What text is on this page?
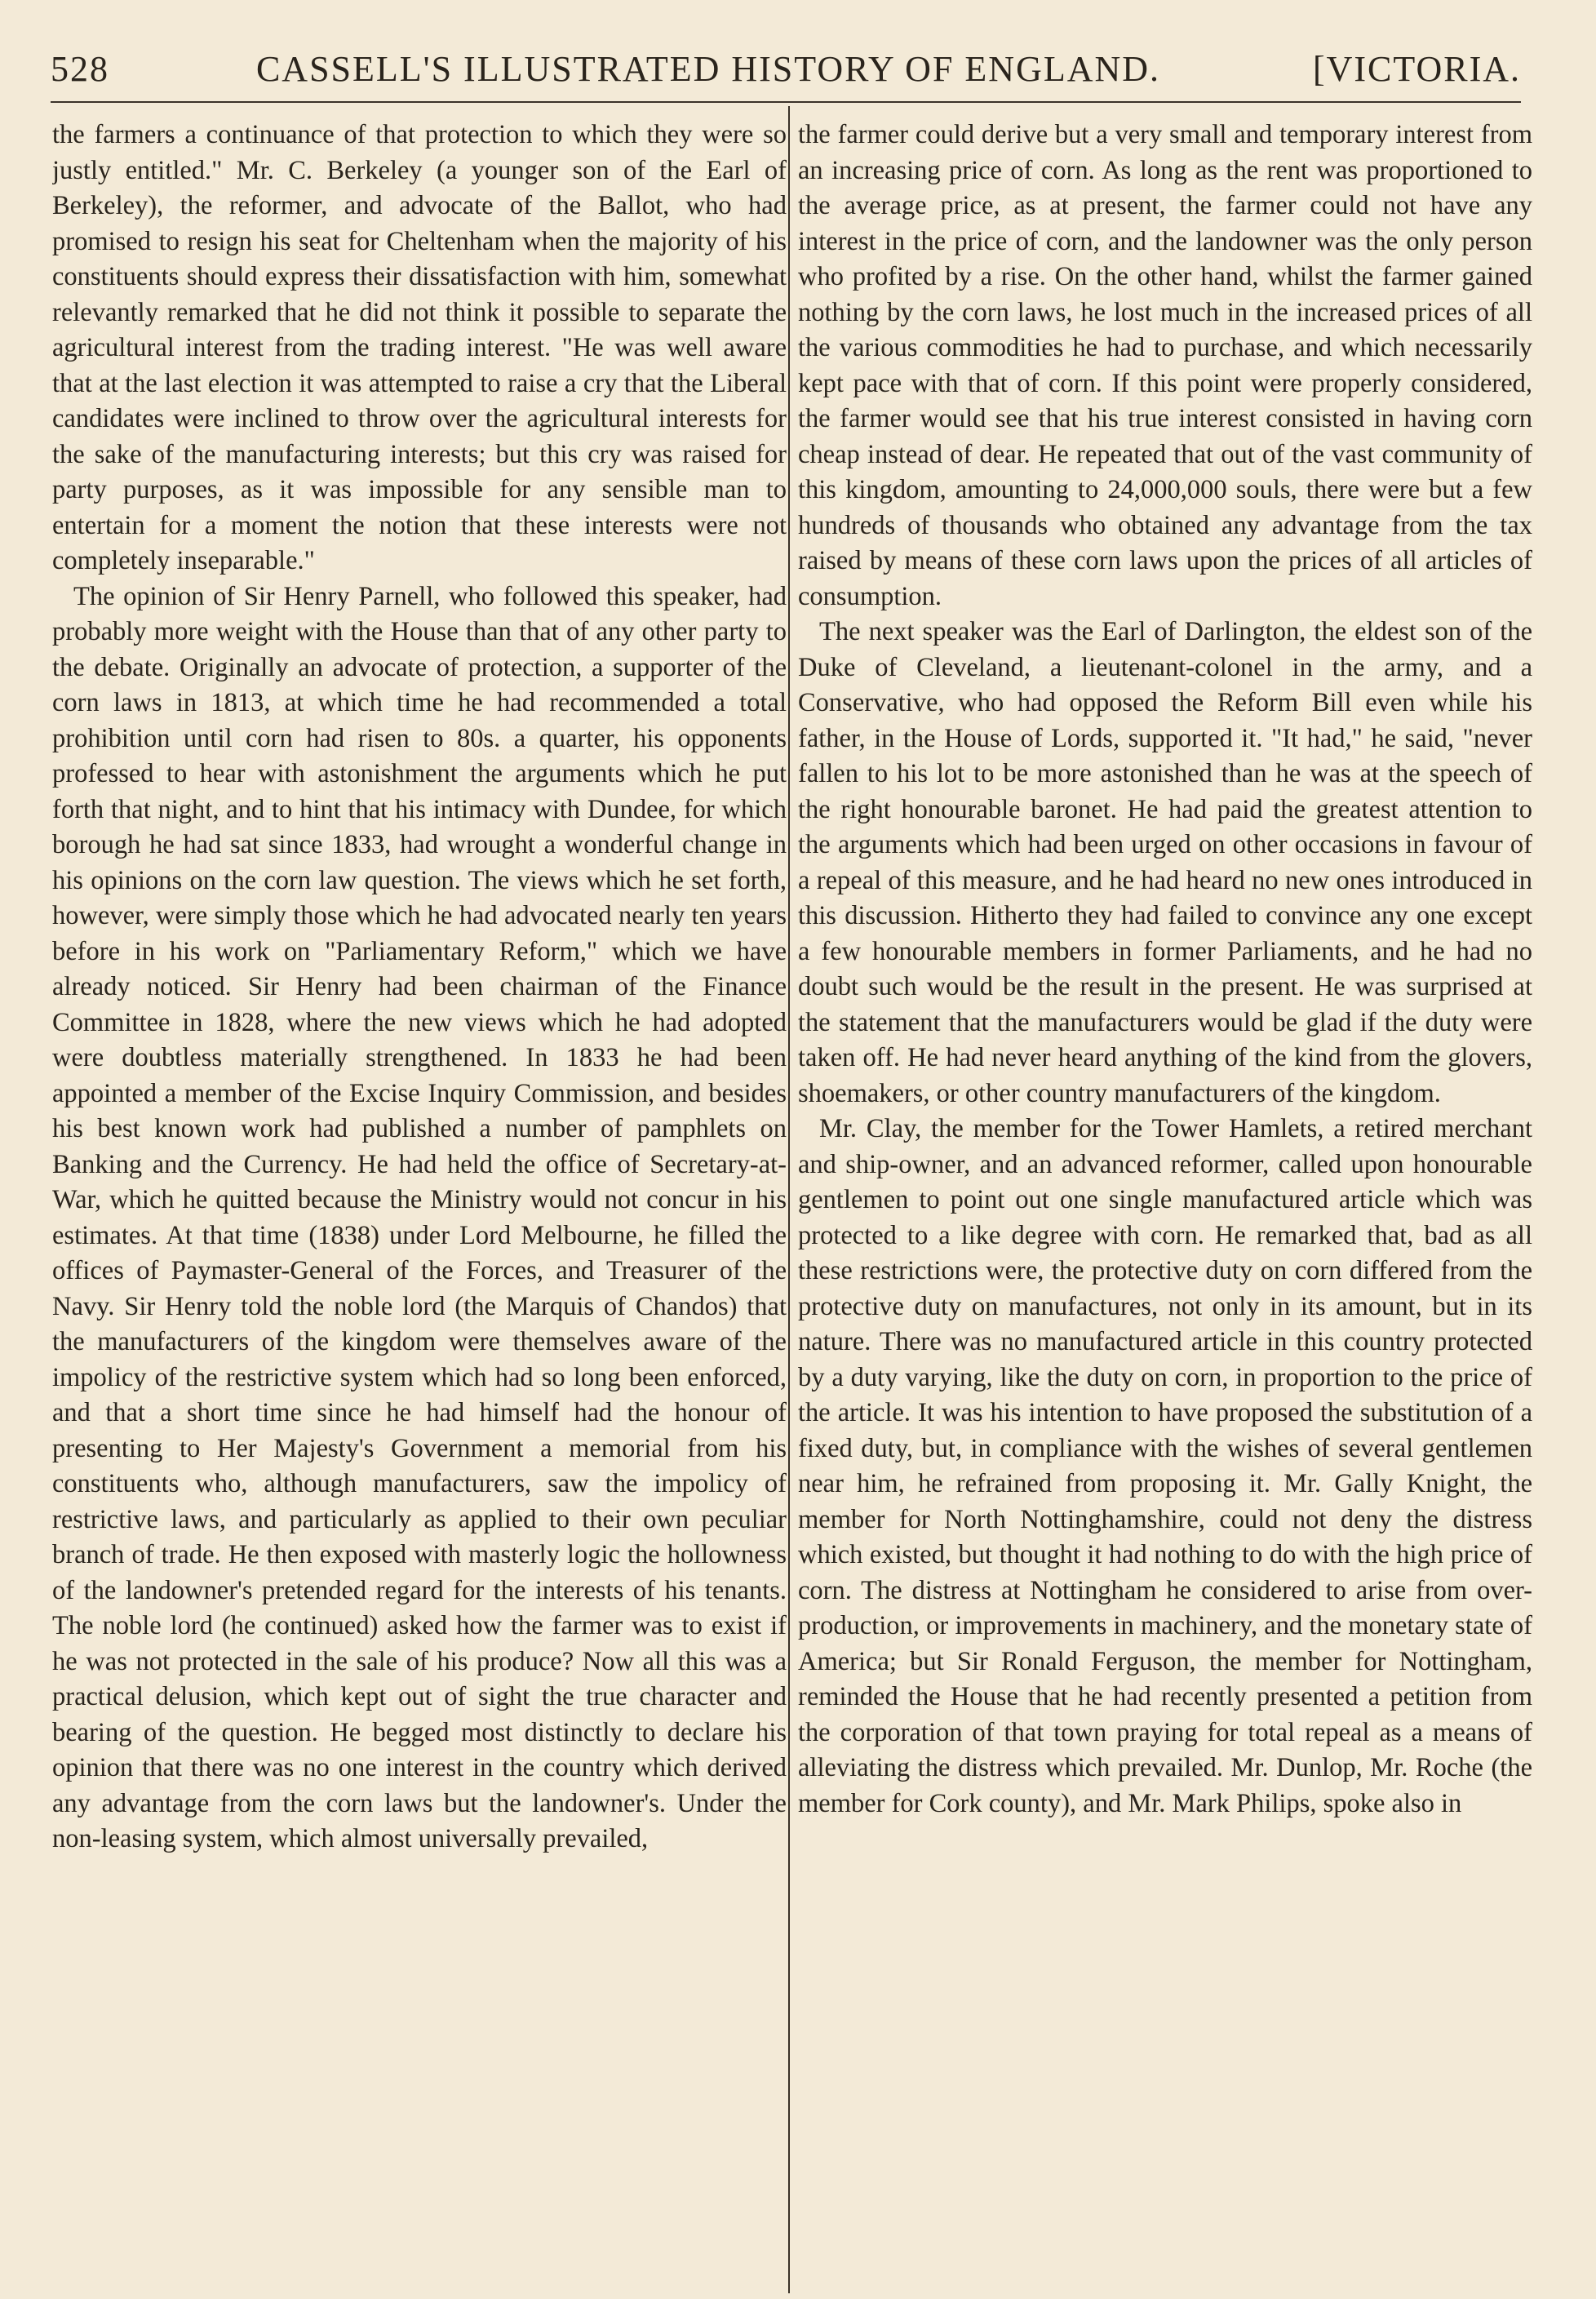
528	CASSELL'S ILLUSTRATED HISTORY OF ENGLAND.	[VICTORIA.

the farmers a continuance of that protection to which they were so justly entitled." Mr. C. Berkeley (a younger son of the Earl of Berkeley), the reformer, and advocate of the Ballot, who had promised to resign his seat for Cheltenham when the majority of his constituents should express their dissatisfaction with him, somewhat relevantly remarked that he did not think it possible to separate the agricultural interest from the trading interest. "He was well aware that at the last election it was attempted to raise a cry that the Liberal candidates were inclined to throw over the agricultural interests for the sake of the manufacturing interests; but this cry was raised for party purposes, as it was impossible for any sensible man to entertain for a moment the notion that these interests were not completely inseparable."

The opinion of Sir Henry Parnell, who followed this speaker, had probably more weight with the House than that of any other party to the debate. Originally an advocate of protection, a supporter of the corn laws in 1813, at which time he had recommended a total prohibition until corn had risen to 80s. a quarter, his opponents professed to hear with astonishment the arguments which he put forth that night, and to hint that his intimacy with Dundee, for which borough he had sat since 1833, had wrought a wonderful change in his opinions on the corn law question. The views which he set forth, however, were simply those which he had advocated nearly ten years before in his work on "Parliamentary Reform," which we have already noticed. Sir Henry had been chairman of the Finance Committee in 1828, where the new views which he had adopted were doubtless materially strengthened. In 1833 he had been appointed a member of the Excise Inquiry Commission, and besides his best known work had published a number of pamphlets on Banking and the Currency. He had held the office of Secretary-at-War, which he quitted because the Ministry would not concur in his estimates. At that time (1838) under Lord Melbourne, he filled the offices of Paymaster-General of the Forces, and Treasurer of the Navy. Sir Henry told the noble lord (the Marquis of Chandos) that the manufacturers of the kingdom were themselves aware of the impolicy of the restrictive system which had so long been enforced, and that a short time since he had himself had the honour of presenting to Her Majesty's Government a memorial from his constituents who, although manufacturers, saw the impolicy of restrictive laws, and particularly as applied to their own peculiar branch of trade. He then exposed with masterly logic the hollowness of the landowner's pretended regard for the interests of his tenants. The noble lord (he continued) asked how the farmer was to exist if he was not protected in the sale of his produce? Now all this was a practical delusion, which kept out of sight the true character and bearing of the question. He begged most distinctly to declare his opinion that there was no one interest in the country which derived any advantage from the corn laws but the landowner's. Under the non-leasing system, which almost universally prevailed,

the farmer could derive but a very small and temporary interest from an increasing price of corn. As long as the rent was proportioned to the average price, as at present, the farmer could not have any interest in the price of corn, and the landowner was the only person who profited by a rise. On the other hand, whilst the farmer gained nothing by the corn laws, he lost much in the increased prices of all the various commodities he had to purchase, and which necessarily kept pace with that of corn. If this point were properly considered, the farmer would see that his true interest consisted in having corn cheap instead of dear. He repeated that out of the vast community of this kingdom, amounting to 24,000,000 souls, there were but a few hundreds of thousands who obtained any advantage from the tax raised by means of these corn laws upon the prices of all articles of consumption.

The next speaker was the Earl of Darlington, the eldest son of the Duke of Cleveland, a lieutenant-colonel in the army, and a Conservative, who had opposed the Reform Bill even while his father, in the House of Lords, supported it. "It had," he said, "never fallen to his lot to be more astonished than he was at the speech of the right honourable baronet. He had paid the greatest attention to the arguments which had been urged on other occasions in favour of a repeal of this measure, and he had heard no new ones introduced in this discussion. Hitherto they had failed to convince any one except a few honourable members in former Parliaments, and he had no doubt such would be the result in the present. He was surprised at the statement that the manufacturers would be glad if the duty were taken off. He had never heard anything of the kind from the glovers, shoemakers, or other country manufacturers of the kingdom.

Mr. Clay, the member for the Tower Hamlets, a retired merchant and ship-owner, and an advanced reformer, called upon honourable gentlemen to point out one single manufactured article which was protected to a like degree with corn. He remarked that, bad as all these restrictions were, the protective duty on corn differed from the protective duty on manufactures, not only in its amount, but in its nature. There was no manufactured article in this country protected by a duty varying, like the duty on corn, in proportion to the price of the article. It was his intention to have proposed the substitution of a fixed duty, but, in compliance with the wishes of several gentlemen near him, he refrained from proposing it. Mr. Gally Knight, the member for North Nottinghamshire, could not deny the distress which existed, but thought it had nothing to do with the high price of corn. The distress at Nottingham he considered to arise from over-production, or improvements in machinery, and the monetary state of America; but Sir Ronald Ferguson, the member for Nottingham, reminded the House that he had recently presented a petition from the corporation of that town praying for total repeal as a means of alleviating the distress which prevailed. Mr. Dunlop, Mr. Roche (the member for Cork county), and Mr. Mark Philips, spoke also in
